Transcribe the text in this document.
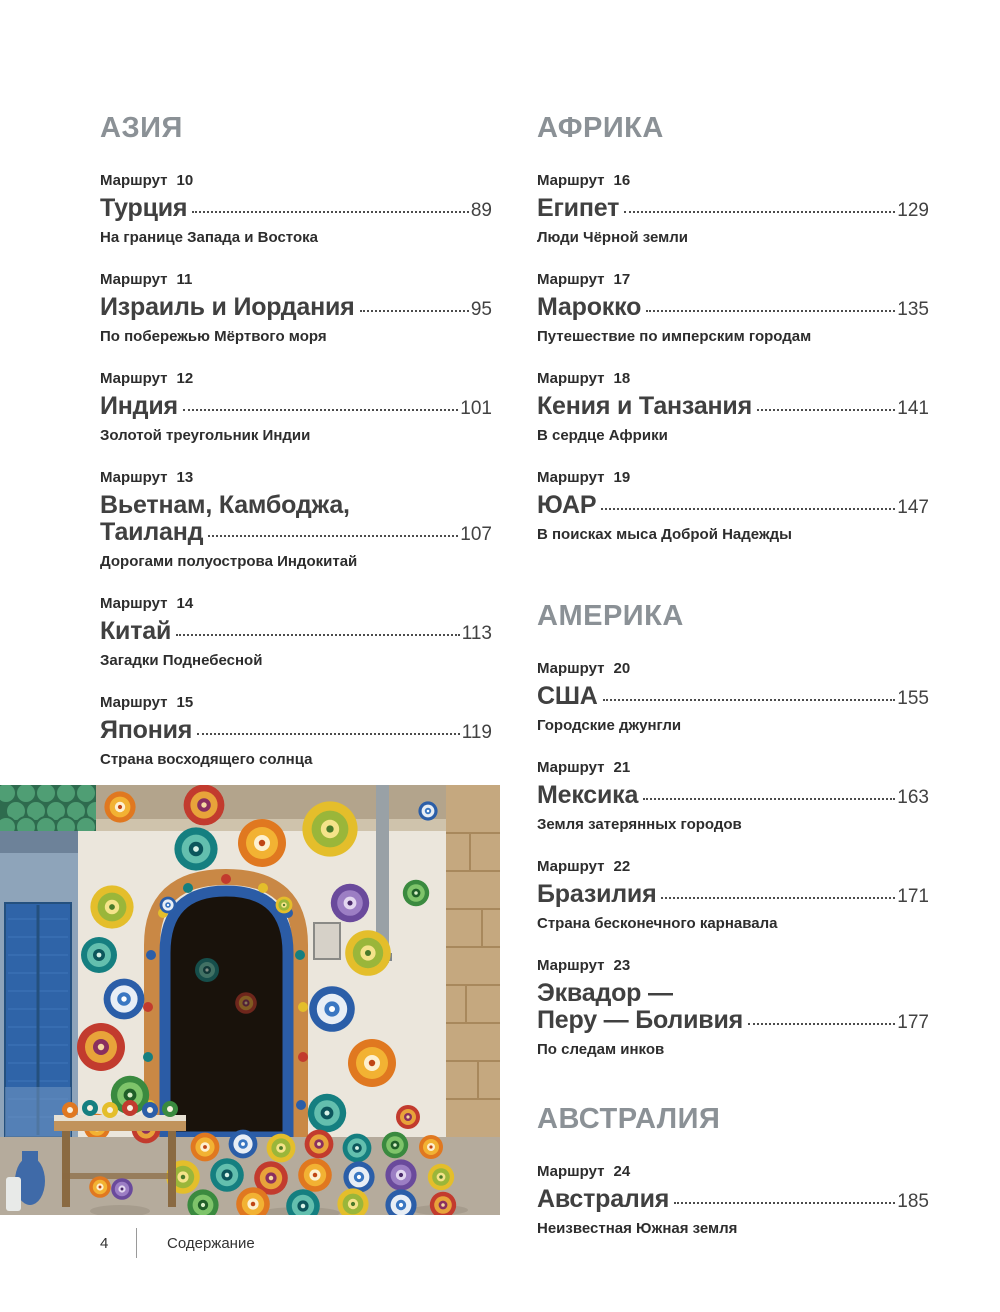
АЗИЯ

Маршрут 10

Турция	89

На границе Запада и Востока

Маршрут 11

Израиль и Иордания	95

По побережью Мёртвого моря

Маршрут 12

Индия	101

Золотой треугольник Индии

Маршрут 13

Вьетнам, Камбоджа,

Таиланд	107

Дорогами полуострова Индокитай

Маршрут 14

Китай	113

Загадки Поднебесной

Маршрут 15

Япония	119

Страна восходящего солнца

АФРИКА

Маршрут 16

Египет	129

Люди Чёрной земли

Маршрут 17

Марокко	135

Путешествие по имперским городам

Маршрут 18

Кения и Танзания	141

В сердце Африки

Маршрут 19

ЮАР	147

В поисках мыса Доброй Надежды

АМЕРИКА

Маршрут 20

США	155

Городские джунгли

Маршрут 21

Мексика	163

Земля затерянных городов

Маршрут 22

Бразилия	171

Страна бесконечного карнавала

Маршрут 23

Эквадор —

Перу — Боливия	177

По следам инков

АВСТРАЛИЯ

Маршрут 24

Австралия	185

Неизвестная Южная земля

4	Содержание
